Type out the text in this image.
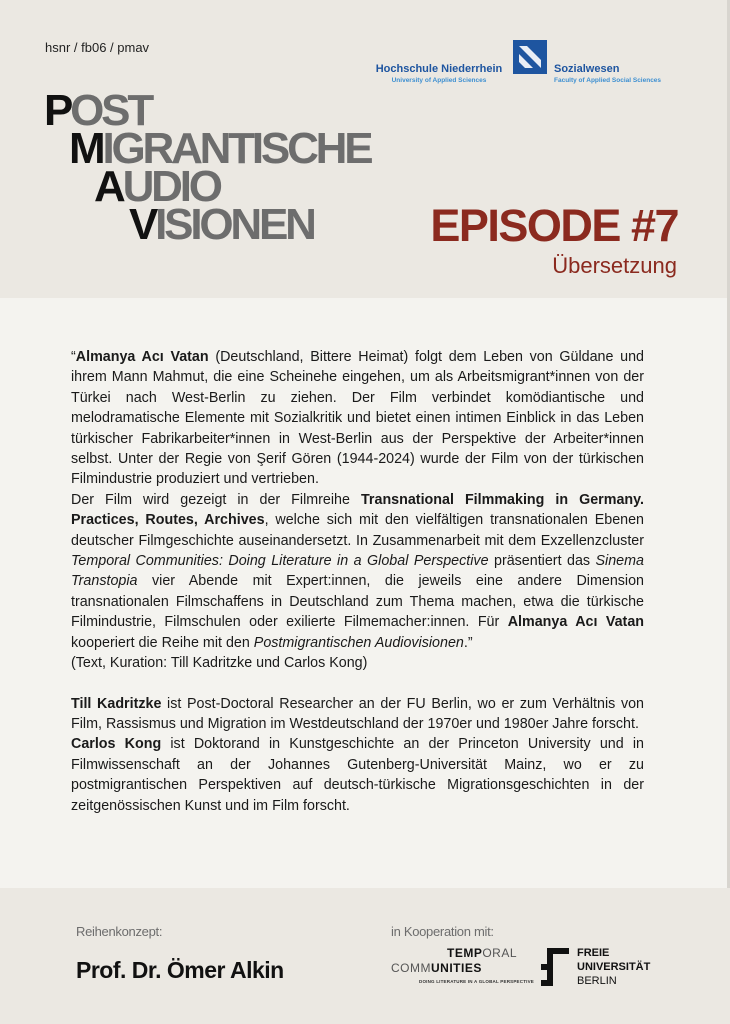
hsnr / fb06 / pmav
Hochschule Niederrhein
University of Applied Sciences
Sozialwesen
Faculty of Applied Social Sciences
POST
MIGRANTISCHE
AUDIO
VISIONEN	EPISODE #7
Übersetzung

“Almanya Acı Vatan (Deutschland, Bittere Heimat) folgt dem Leben von Güldane und ihrem Mann Mahmut, die eine Scheinehe eingehen, um als Arbeitsmigrant*innen von der Türkei nach West-Berlin zu ziehen. Der Film verbindet komödiantische und melodramatische Elemente mit Sozialkritik und bietet einen intimen Einblick in das Leben türkischer Fabrikarbeiter*innen in West-Berlin aus der Perspektive der Arbeiter*innen selbst. Unter der Regie von Şerif Gören (1944-2024) wurde der Film von der türkischen Filmindustrie produziert und vertrieben.

Der Film wird gezeigt in der Filmreihe Transnational Filmmaking in Germany. Practices, Routes, Archives, welche sich mit den vielfältigen transnationalen Ebenen deutscher Filmgeschichte auseinandersetzt. In Zusammenarbeit mit dem Exzellenzcluster Temporal Communities: Doing Literature in a Global Perspective präsentiert das Sinema Transtopia vier Abende mit Expert:innen, die jeweils eine andere Dimension transnationalen Filmschaffens in Deutschland zum Thema machen, etwa die türkische Filmindustrie, Filmschulen oder exilierte Filmemacher:innen. Für Almanya Acı Vatan kooperiert die Reihe mit den Postmigrantischen Audiovisionen.”

(Text, Kuration: Till Kadritzke und Carlos Kong)

Till Kadritzke ist Post-Doctoral Researcher an der FU Berlin, wo er zum Verhältnis von Film, Rassismus und Migration im Westdeutschland der 1970er und 1980er Jahre forscht.

Carlos Kong ist Doktorand in Kunstgeschichte an der Princeton University und in Filmwissenschaft an der Johannes Gutenberg-Universität Mainz, wo er zu postmigrantischen Perspektiven auf deutsch-türkische Migrationsgeschichten in der zeitgenössischen Kunst und im Film forscht.

Reihenkonzept:
Prof. Dr. Ömer Alkin
in Kooperation mit:
TEMPORAL
COMMUNITIES
DOING LITERATURE IN A GLOBAL PERSPECTIVE
FREIE
UNIVERSITÄT
BERLIN
